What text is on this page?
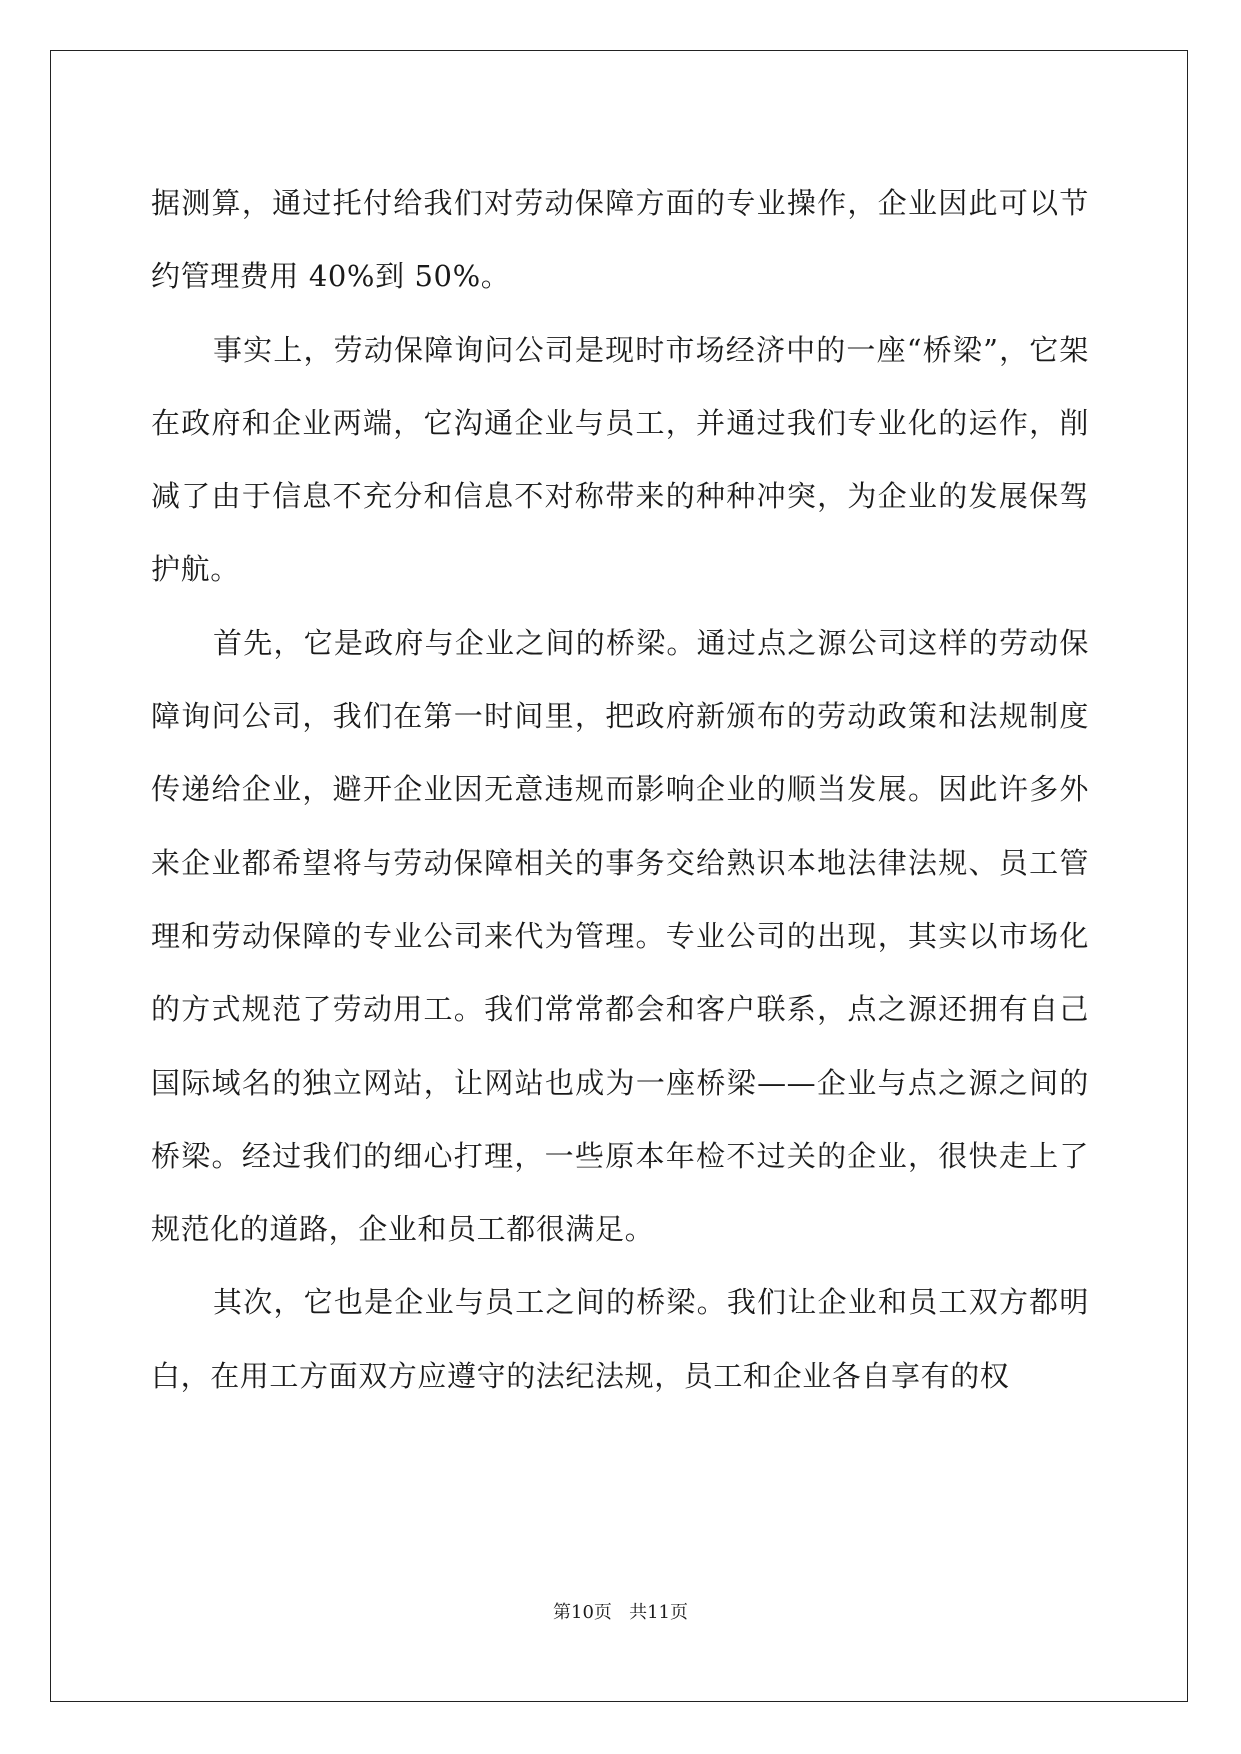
据测算，通过托付给我们对劳动保障方面的专业操作，企业因此可以节约管理费用 40%到 50%。

事实上，劳动保障询问公司是现时市场经济中的一座“桥梁”，它架在政府和企业两端，它沟通企业与员工，并通过我们专业化的运作，削减了由于信息不充分和信息不对称带来的种种冲突，为企业的发展保驾护航。

首先，它是政府与企业之间的桥梁。通过点之源公司这样的劳动保障询问公司，我们在第一时间里，把政府新颁布的劳动政策和法规制度传递给企业，避开企业因无意违规而影响企业的顺当发展。因此许多外来企业都希望将与劳动保障相关的事务交给熟识本地法律法规、员工管理和劳动保障的专业公司来代为管理。专业公司的出现，其实以市场化的方式规范了劳动用工。我们常常都会和客户联系，点之源还拥有自己国际域名的独立网站，让网站也成为一座桥梁——企业与点之源之间的桥梁。经过我们的细心打理，一些原本年检不过关的企业，很快走上了规范化的道路，企业和员工都很满足。

其次，它也是企业与员工之间的桥梁。我们让企业和员工双方都明白，在用工方面双方应遵守的法纪法规，员工和企业各自享有的权

第10页   共11页
